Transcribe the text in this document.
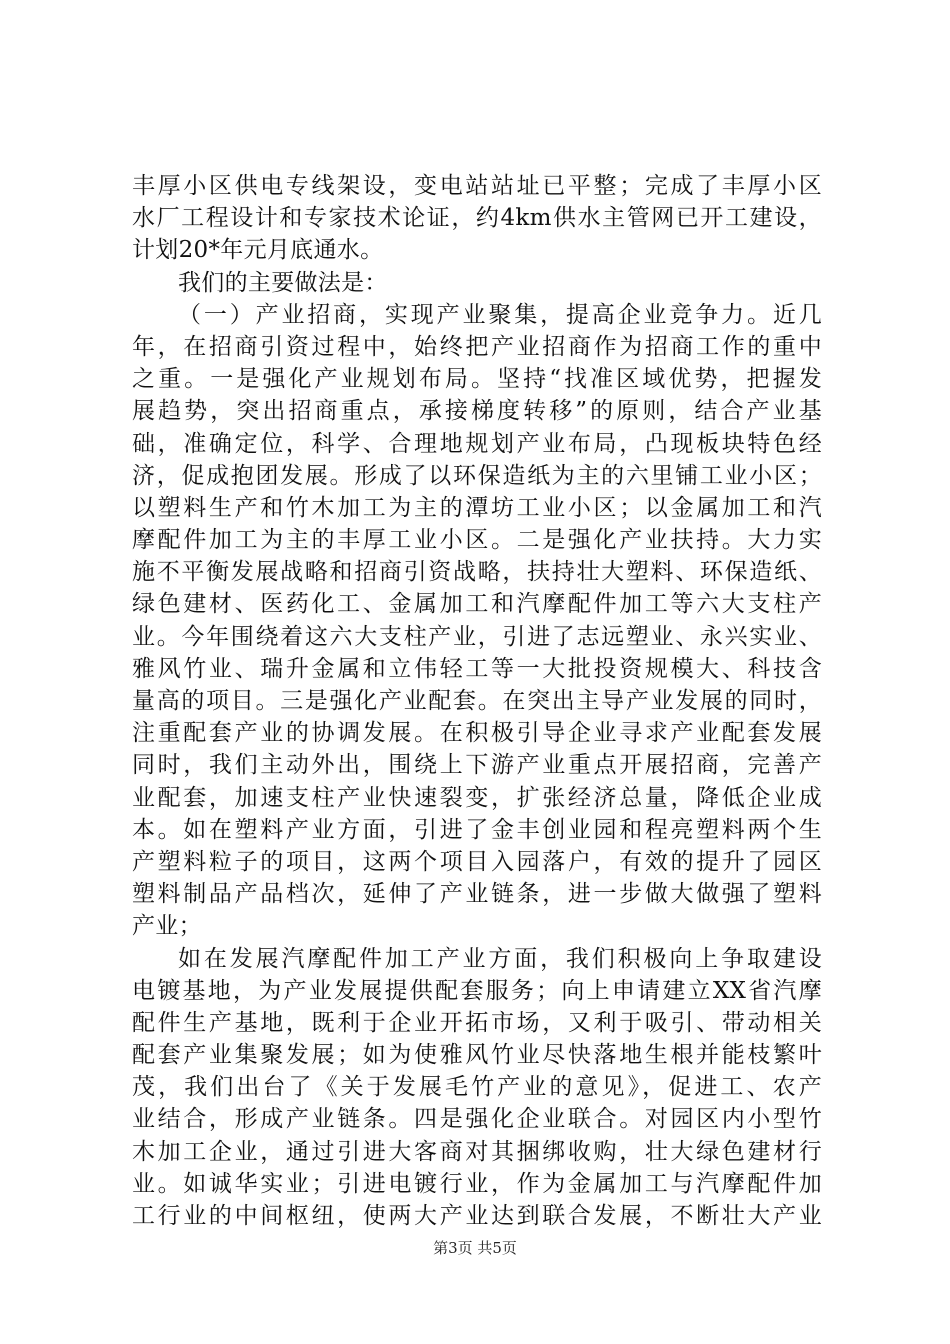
丰厚小区供电专线架设，变电站站址已平整；完成了丰厚小区
水厂工程设计和专家技术论证，约4km供水主管网已开工建设，
计划20*年元月底通水。
我们的主要做法是：
（一）产业招商，实现产业聚集，提高企业竞争力。近几
年，在招商引资过程中，始终把产业招商作为招商工作的重中
之重。一是强化产业规划布局。坚持“找准区域优势，把握发
展趋势，突出招商重点，承接梯度转移”的原则，结合产业基
础，准确定位，科学、合理地规划产业布局，凸现板块特色经
济，促成抱团发展。形成了以环保造纸为主的六里铺工业小区；
以塑料生产和竹木加工为主的潭坊工业小区；以金属加工和汽
摩配件加工为主的丰厚工业小区。二是强化产业扶持。大力实
施不平衡发展战略和招商引资战略，扶持壮大塑料、环保造纸、
绿色建材、医药化工、金属加工和汽摩配件加工等六大支柱产
业。今年围绕着这六大支柱产业，引进了志远塑业、永兴实业、
雅风竹业、瑞升金属和立伟轻工等一大批投资规模大、科技含
量高的项目。三是强化产业配套。在突出主导产业发展的同时，
注重配套产业的协调发展。在积极引导企业寻求产业配套发展
同时，我们主动外出，围绕上下游产业重点开展招商，完善产
业配套，加速支柱产业快速裂变，扩张经济总量，降低企业成
本。如在塑料产业方面，引进了金丰创业园和程亮塑料两个生
产塑料粒子的项目，这两个项目入园落户，有效的提升了园区
塑料制品产品档次，延伸了产业链条，进一步做大做强了塑料
产业；
如在发展汽摩配件加工产业方面，我们积极向上争取建设
电镀基地，为产业发展提供配套服务；向上申请建立XX省汽摩
配件生产基地，既利于企业开拓市场，又利于吸引、带动相关
配套产业集聚发展；如为使雅风竹业尽快落地生根并能枝繁叶
茂，我们出台了《关于发展毛竹产业的意见》，促进工、农产
业结合，形成产业链条。四是强化企业联合。对园区内小型竹
木加工企业，通过引进大客商对其捆绑收购，壮大绿色建材行
业。如诚华实业；引进电镀行业，作为金属加工与汽摩配件加
工行业的中间枢纽，使两大产业达到联合发展，不断壮大产业
第3页 共5页
